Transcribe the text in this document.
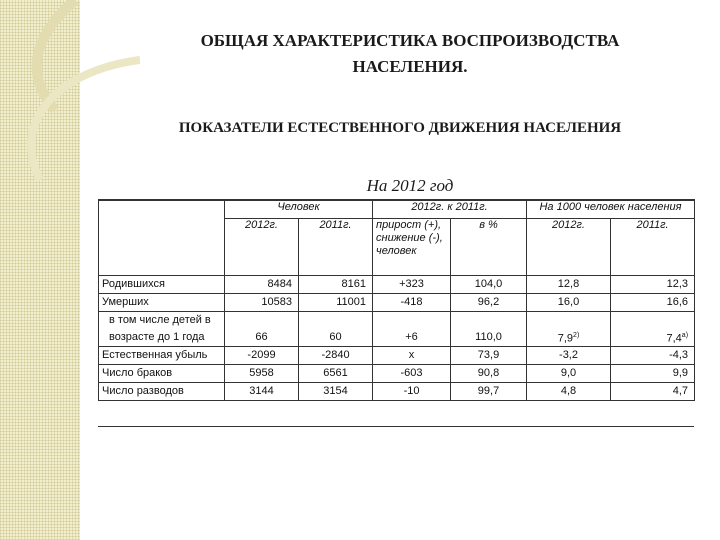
ОБЩАЯ ХАРАКТЕРИСТИКА ВОСПРОИЗВОДСТВА НАСЕЛЕНИЯ.
ПОКАЗАТЕЛИ ЕСТЕСТВЕННОГО ДВИЖЕНИЯ НАСЕЛЕНИЯ
На 2012 год
	Человек		2012г. к 2011г.		На 1000 человек населения	
	2012г.	2011г.	прирост (+), снижение (-), человек	в %	2012г.	2011г.
Родившихся	8484	8161	+323	104,0	12,8	12,3
Умерших	10583	11001	-418	96,2	16,0	16,6
в том числе детей в						
возрасте до 1 года	66	60	+6	110,0	7,9$^{2)}$	7,4$^{a)}$
Естественная убыль	-2099	-2840	x	73,9	-3,2	-4,3
Число браков	5958	6561	-603	90,8	9,0	9,9
Число разводов	3144	3154	-10	99,7	4,8	4,7
